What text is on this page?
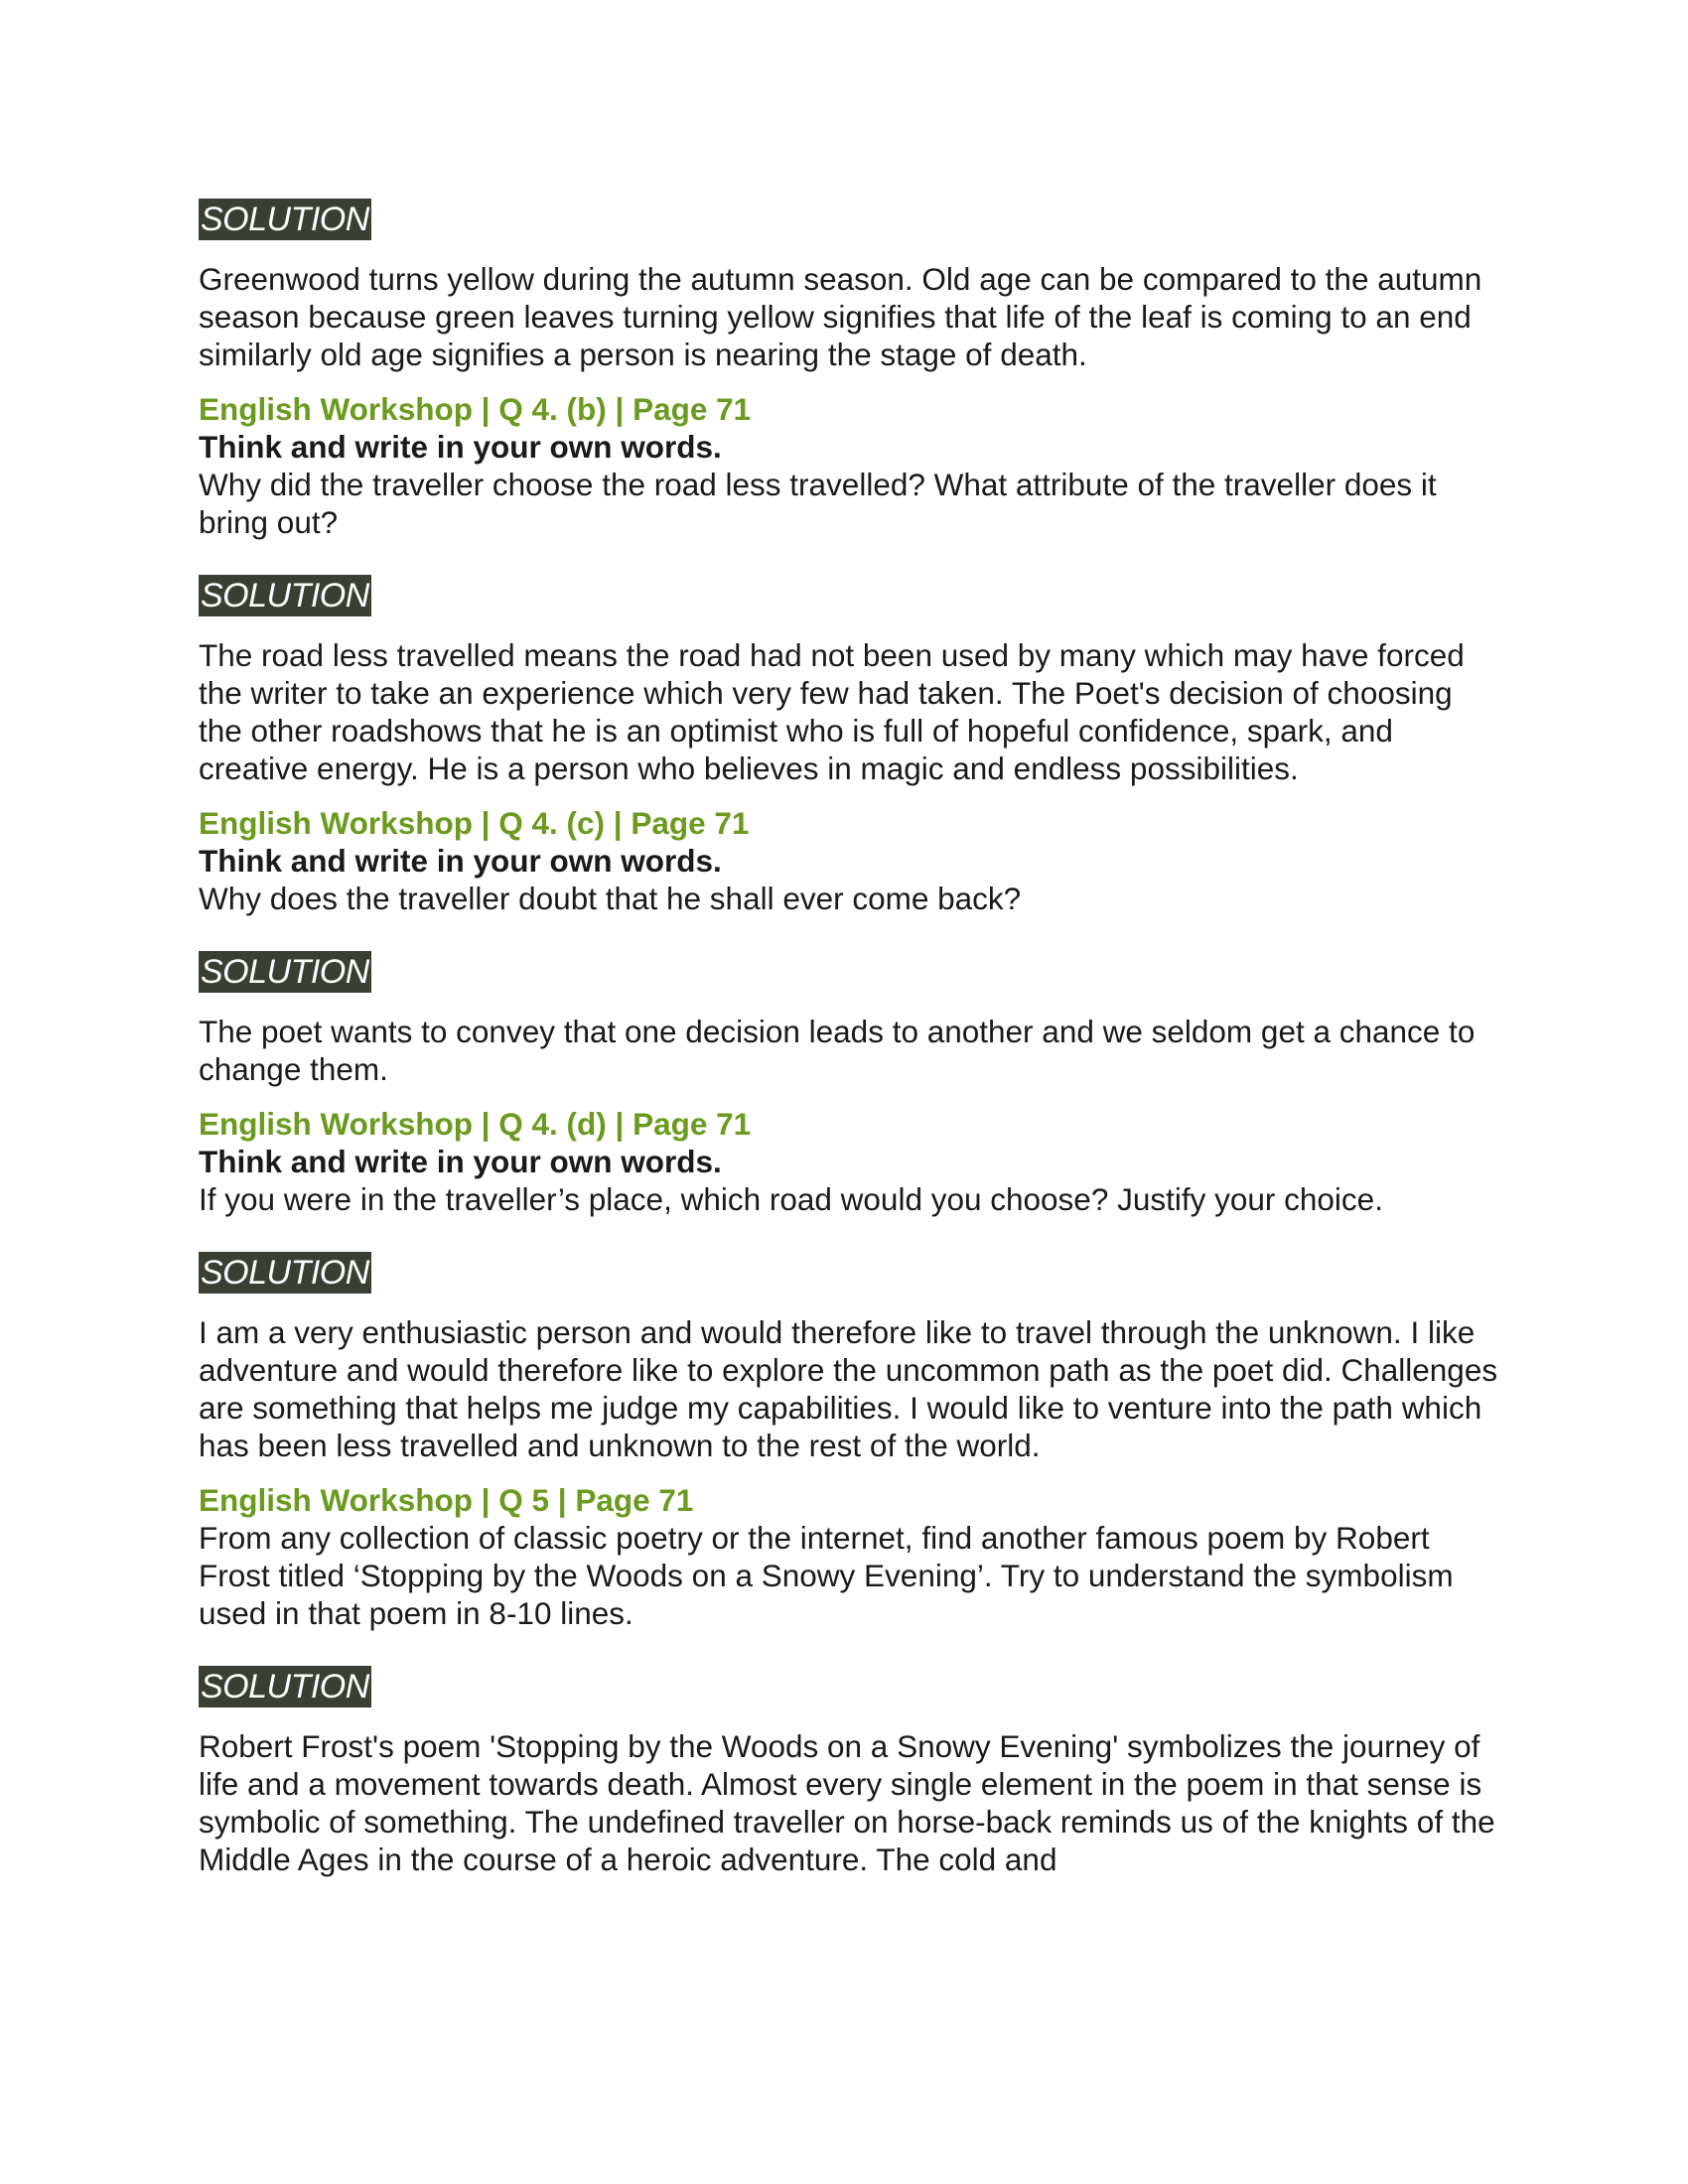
SOLUTION

Greenwood turns yellow during the autumn season. Old age can be compared to the autumn season because green leaves turning yellow signifies that life of the leaf is coming to an end similarly old age signifies a person is nearing the stage of death.

English Workshop | Q 4. (b) | Page 71

Think and write in your own words.

Why did the traveller choose the road less travelled? What attribute of the traveller does it bring out?

SOLUTION

The road less travelled means the road had not been used by many which may have forced the writer to take an experience which very few had taken. The Poet's decision of choosing the other roadshows that he is an optimist who is full of hopeful confidence, spark, and creative energy. He is a person who believes in magic and endless possibilities.

English Workshop | Q 4. (c) | Page 71

Think and write in your own words.

Why does the traveller doubt that he shall ever come back?

SOLUTION

The poet wants to convey that one decision leads to another and we seldom get a chance to change them.

English Workshop | Q 4. (d) | Page 71

Think and write in your own words.

If you were in the traveller’s place, which road would you choose? Justify your choice.

SOLUTION

I am a very enthusiastic person and would therefore like to travel through the unknown. I like adventure and would therefore like to explore the uncommon path as the poet did. Challenges are something that helps me judge my capabilities. I would like to venture into the path which has been less travelled and unknown to the rest of the world.

English Workshop | Q 5 | Page 71

From any collection of classic poetry or the internet, find another famous poem by Robert Frost titled ‘Stopping by the Woods on a Snowy Evening’. Try to understand the symbolism used in that poem in 8-10 lines.

SOLUTION

Robert Frost's poem 'Stopping by the Woods on a Snowy Evening' symbolizes the journey of life and a movement towards death. Almost every single element in the poem in that sense is symbolic of something. The undefined traveller on horse-back reminds us of the knights of the Middle Ages in the course of a heroic adventure. The cold and
